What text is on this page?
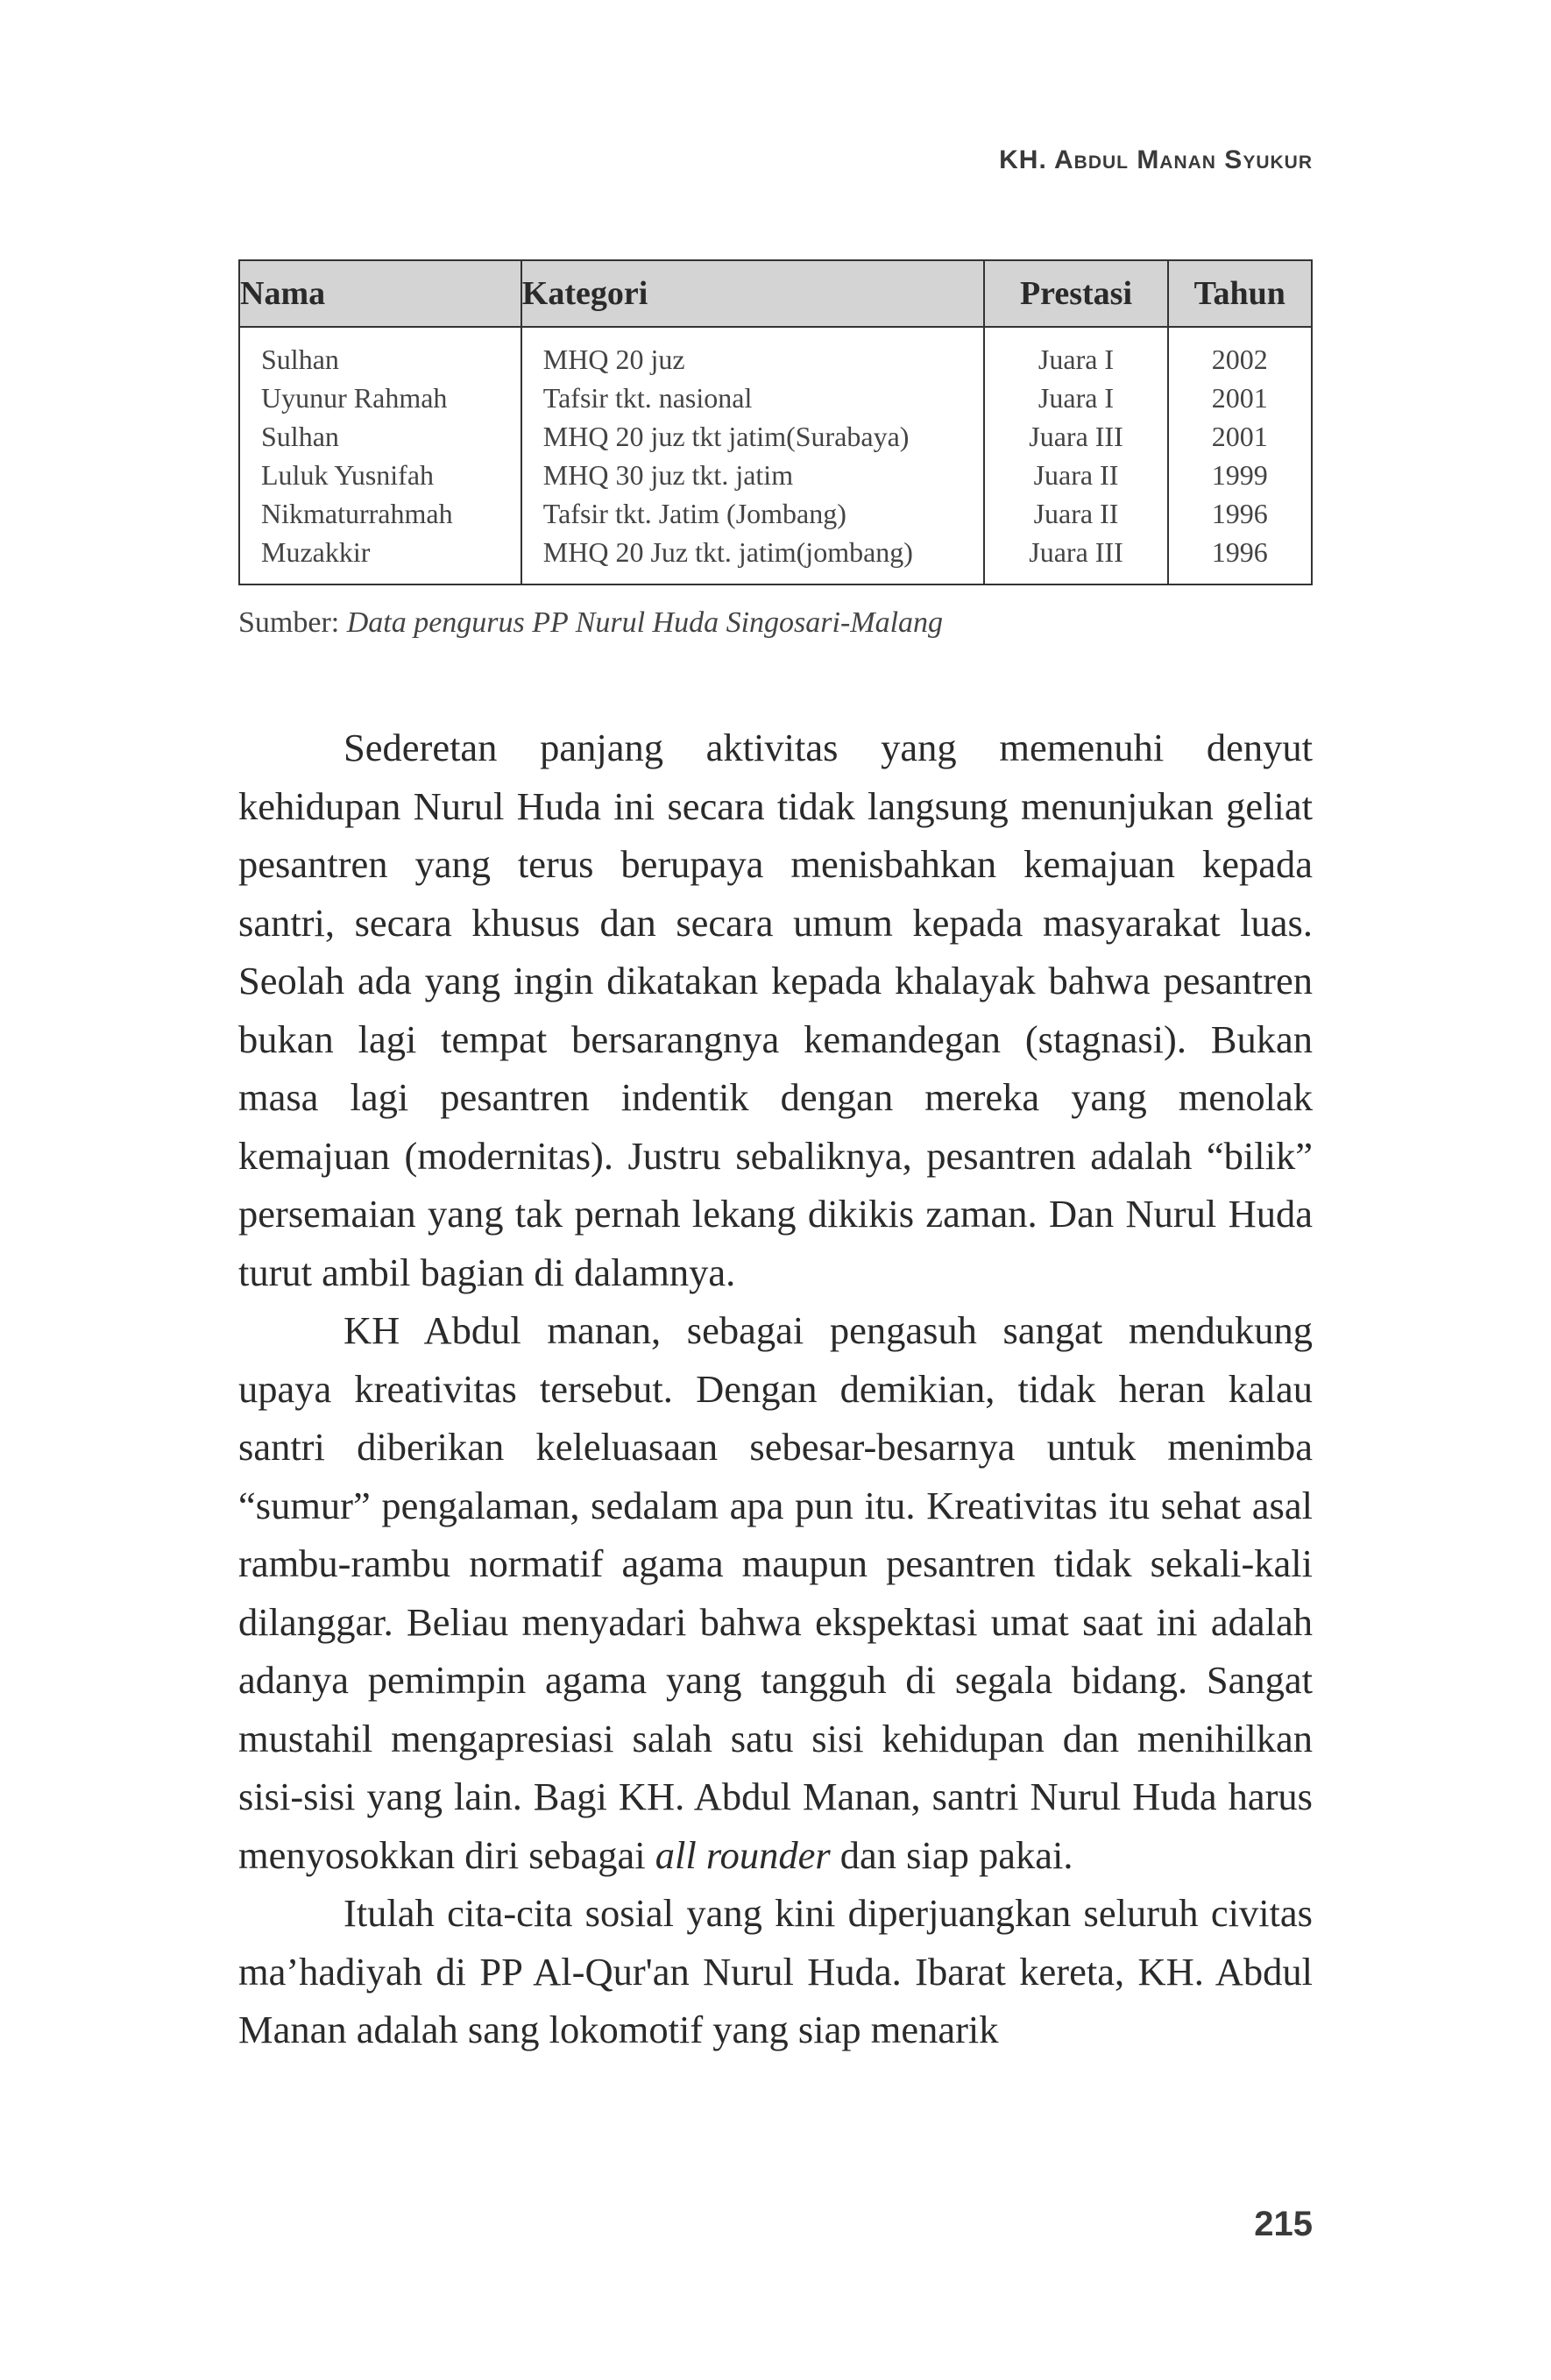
KH. Abdul Manan Syukur
Nama	Kategori	Prestasi	Tahun
Sulhan	MHQ 20 juz	Juara I	2002
Uyunur Rahmah	Tafsir tkt. nasional	Juara I	2001
Sulhan	MHQ 20 juz tkt jatim(Surabaya)	Juara III	2001
Luluk Yusnifah	MHQ 30 juz tkt. jatim	Juara II	1999
Nikmaturrahmah	Tafsir tkt. Jatim (Jombang)	Juara II	1996
Muzakkir	MHQ 20 Juz tkt. jatim(jombang)	Juara III	1996
Sumber: Data pengurus PP Nurul Huda Singosari-Malang

Sederetan panjang aktivitas yang memenuhi denyut kehidupan Nurul Huda ini secara tidak langsung menunjukan geliat pesantren yang terus berupaya menisbahkan kemajuan kepada santri, secara khusus dan secara umum kepada masyarakat luas. Seolah ada yang ingin dikatakan kepada khalayak bahwa pesantren bukan lagi tempat bersarangnya kemandegan (stagnasi). Bukan masa lagi pesantren indentik dengan mereka yang menolak kemajuan (modernitas). Justru sebaliknya, pesantren adalah “bilik” persemaian yang tak pernah lekang dikikis zaman. Dan Nurul Huda turut ambil bagian di dalamnya.

KH Abdul manan, sebagai pengasuh sangat mendukung upaya kreativitas tersebut. Dengan demikian, tidak heran kalau santri diberikan keleluasaan sebesar-besarnya untuk menimba “sumur” pengalaman, sedalam apa pun itu. Kreativitas itu sehat asal rambu-rambu normatif agama maupun pesantren tidak sekali-kali dilanggar. Beliau menyadari bahwa ekspektasi umat saat ini adalah adanya pemimpin agama yang tangguh di segala bidang. Sangat mustahil mengapresiasi salah satu sisi kehidupan dan menihilkan sisi-sisi yang lain. Bagi KH. Abdul Manan, santri Nurul Huda harus menyosokkan diri sebagai all rounder dan siap pakai.

Itulah cita-cita sosial yang kini diperjuangkan seluruh civitas ma’hadiyah di PP Al-Qur'an Nurul Huda. Ibarat kereta, KH. Abdul Manan adalah sang lokomotif yang siap menarik

215
